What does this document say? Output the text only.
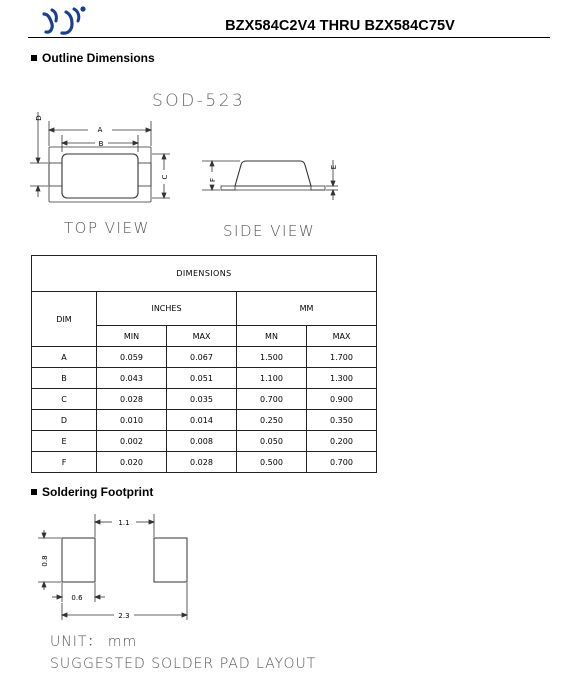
BZX584C2V4 THRU BZX584C75V
Outline Dimensions
SOD-523
A
B
C
D
F
E
1.1
0.8
0.6
2.3
TOP VIEW	SIDE VIEW
DIMENSIONS				
DIM	INCHES		MM	
	MIN	MAX	MN	MAX
A	0.059	0.067	1.500	1.700
B	0.043	0.051	1.100	1.300
C	0.028	0.035	0.700	0.900
D	0.010	0.014	0.250	0.350
E	0.002	0.008	0.050	0.200
F	0.020	0.028	0.500	0.700
Soldering Footprint
UNIT： mm
SUGGESTED SOLDER PAD LAYOUT
